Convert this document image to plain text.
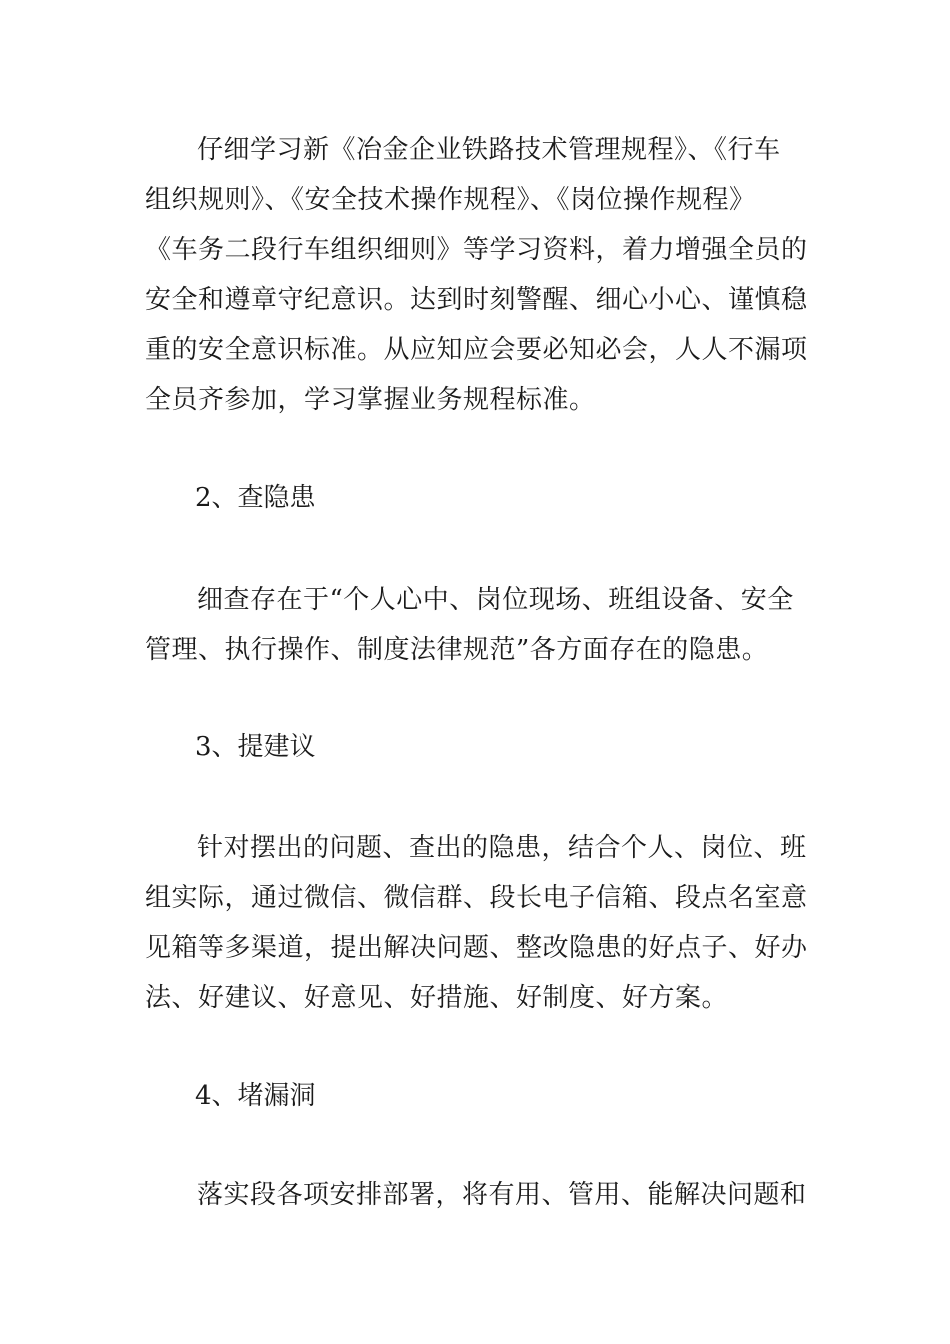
仔细学习新《冶金企业铁路技术管理规程》、《行车
组织规则》、《安全技术操作规程》、《岗位操作规程》
《车务二段行车组织细则》等学习资料，着力增强全员的
安全和遵章守纪意识。达到时刻警醒、细心小心、谨慎稳
重的安全意识标准。从应知应会要必知必会，人人不漏项
全员齐参加，学习掌握业务规程标准。
2、查隐患
细查存在于“个人心中、岗位现场、班组设备、安全
管理、执行操作、制度法律规范”各方面存在的隐患。
3、提建议
针对摆出的问题、查出的隐患，结合个人、岗位、班
组实际，通过微信、微信群、段长电子信箱、段点名室意
见箱等多渠道，提出解决问题、整改隐患的好点子、好办
法、好建议、好意见、好措施、好制度、好方案。
4、堵漏洞
落实段各项安排部署，将有用、管用、能解决问题和
